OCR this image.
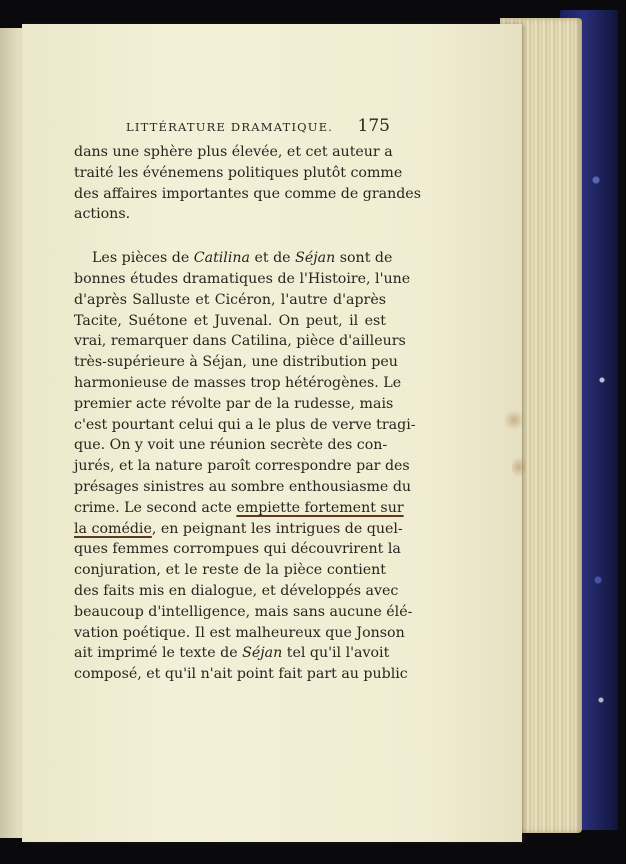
LITTÉRATURE DRAMATIQUE. 175
dans une sphère plus élevée, et cet auteur a
traité les événemens politiques plutôt comme
des affaires importantes que comme de grandes
actions.
Les pièces de Catilina et de Séjan sont de
bonnes études dramatiques de l'Histoire, l'une
d'après Salluste et Cicéron, l'autre d'après
Tacite, Suétone et Juvenal. On peut, il est
vrai, remarquer dans Catilina, pièce d'ailleurs
très-supérieure à Séjan, une distribution peu
harmonieuse de masses trop hétérogènes. Le
premier acte révolte par de la rudesse, mais
c'est pourtant celui qui a le plus de verve tragi-
que. On y voit une réunion secrète des con-
jurés, et la nature paroît correspondre par des
présages sinistres au sombre enthousiasme du
crime. Le second acte empiette fortement sur
la comédie, en peignant les intrigues de quel-
ques femmes corrompues qui découvrirent la
conjuration, et le reste de la pièce contient
des faits mis en dialogue, et développés avec
beaucoup d'intelligence, mais sans aucune élé-
vation poétique. Il est malheureux que Jonson
ait imprimé le texte de Séjan tel qu'il l'avoit
composé, et qu'il n'ait point fait part au public
